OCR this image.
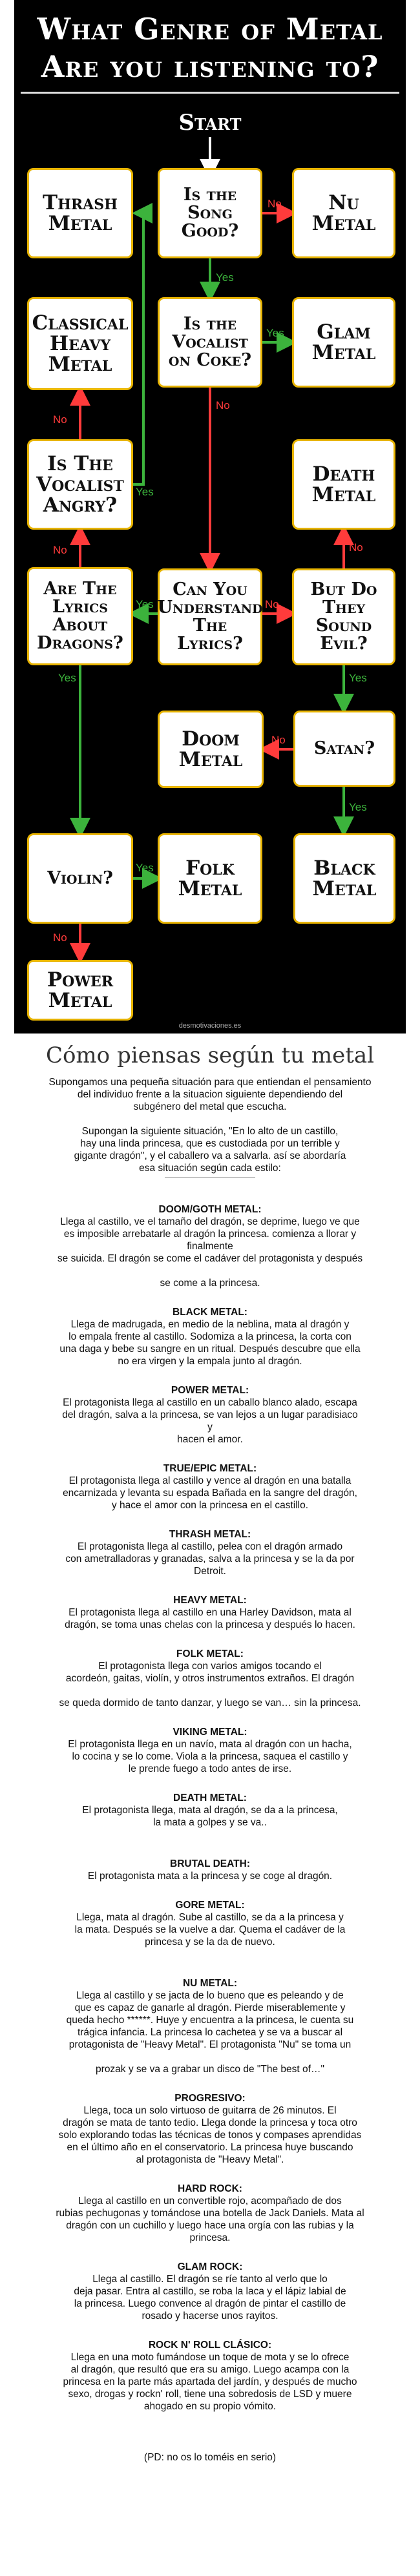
What Genre of Metal
Are you listening to?
Start
No
Yes
Yes
No
No
Yes
No
Yes
No
Yes
No
No
Yes
Yes
Yes
No
Thrash
Metal
Is the
Song
Good?
Nu
Metal
Classical
Heavy
Metal
Is the
Vocalist
on Coke?
Glam
Metal
Is The
Vocalist
Angry?
Death
Metal
Are The
Lyrics
About
Dragons?
Can You
Understand
The Lyrics?
But Do
They Sound
Evil?
Doom
Metal	Satan?
Violin?	Folk
Metal
Black
Metal
Power
Metal
desmotivaciones.es
Cómo piensas según tu metal
Supongamos una pequeña situación para que entiendan el pensamiento
del individuo frente a la situacion siguiente dependiendo del
subgénero del metal que escucha.
Supongan la siguiente situación, "En lo alto de un castillo,
hay una linda princesa, que es custodiada por un terrible y
gigante dragón", y el caballero va a salvarla. así se abordaría
esa situación según cada estilo:
DOOM/GOTH METAL:
Llega al castillo, ve el tamaño del dragón, se deprime, luego ve que
es imposible arrebatarle al dragón la princesa. comienza a llorar y
finalmente
se suicida. El dragón se come el cadáver del protagonista y después

se come a la princesa.
BLACK METAL:
Llega de madrugada, en medio de la neblina, mata al dragón y
lo empala frente al castillo. Sodomiza a la princesa, la corta con
una daga y bebe su sangre en un ritual. Después descubre que ella
no era virgen y la empala junto al dragón.
POWER METAL:
El protagonista llega al castillo en un caballo blanco alado, escapa
del dragón, salva a la princesa, se van lejos a un lugar paradisiaco
y
hacen el amor.
TRUE/EPIC METAL:
El protagonista llega al castillo y vence al dragón en una batalla
encarnizada y levanta su espada Bañada en la sangre del dragón,
y hace el amor con la princesa en el castillo.
THRASH METAL:
El protagonista llega al castillo, pelea con el dragón armado
con ametralladoras y granadas, salva a la princesa y se la da por
Detroit.
HEAVY METAL:
El protagonista llega al castillo en una Harley Davidson, mata al
dragón, se toma unas chelas con la princesa y después lo hacen.
FOLK METAL:
El protagonista llega con varios amigos tocando el
acordeón, gaitas, violín, y otros instrumentos extraños. El dragón

se queda dormido de tanto danzar, y luego se van… sin la princesa.
VIKING METAL:
El protagonista llega en un navío, mata al dragón con un hacha,
lo cocina y se lo come. Viola a la princesa, saquea el castillo y
le prende fuego a todo antes de irse.
DEATH METAL:
El protagonista llega, mata al dragón, se da a la princesa,
la mata a golpes y se va..

BRUTAL DEATH:
El protagonista mata a la princesa y se coge al dragón.
GORE METAL:
Llega, mata al dragón. Sube al castillo, se da a la princesa y
la mata. Después se la vuelve a dar. Quema el cadáver de la
princesa y se la da de nuevo.

NU METAL:
Llega al castillo y se jacta de lo bueno que es peleando y de
que es capaz de ganarle al dragón. Pierde miserablemente y
queda hecho ******. Huye y encuentra a la princesa, le cuenta su
trágica infancia. La princesa lo cachetea y se va a buscar al
protagonista de "Heavy Metal". El protagonista "Nu" se toma un

prozak y se va a grabar un disco de "The best of…"
PROGRESIVO:
Llega, toca un solo virtuoso de guitarra de 26 minutos. El
dragón se mata de tanto tedio. Llega donde la princesa y toca otro
solo explorando todas las técnicas de tonos y compases aprendidas
en el último año en el conservatorio. La princesa huye buscando
al protagonista de "Heavy Metal".
HARD ROCK:
Llega al castillo en un convertible rojo, acompañado de dos
rubias pechugonas y tomándose una botella de Jack Daniels. Mata al
dragón con un cuchillo y luego hace una orgía con las rubias y la
princesa.
GLAM ROCK:
Llega al castillo. El dragón se ríe tanto al verlo que lo
deja pasar. Entra al castillo, se roba la laca y el lápiz labial de
la princesa. Luego convence al dragón de pintar el castillo de
rosado y hacerse unos rayitos.
ROCK N' ROLL CLÁSICO:
Llega en una moto fumándose un toque de mota y se lo ofrece
al dragón, que resultó que era su amigo. Luego acampa con la
princesa en la parte más apartada del jardín, y después de mucho
sexo, drogas y rockn' roll, tiene una sobredosis de LSD y muere
ahogado en su propio vómito.
(PD: no os lo toméis en serio)
